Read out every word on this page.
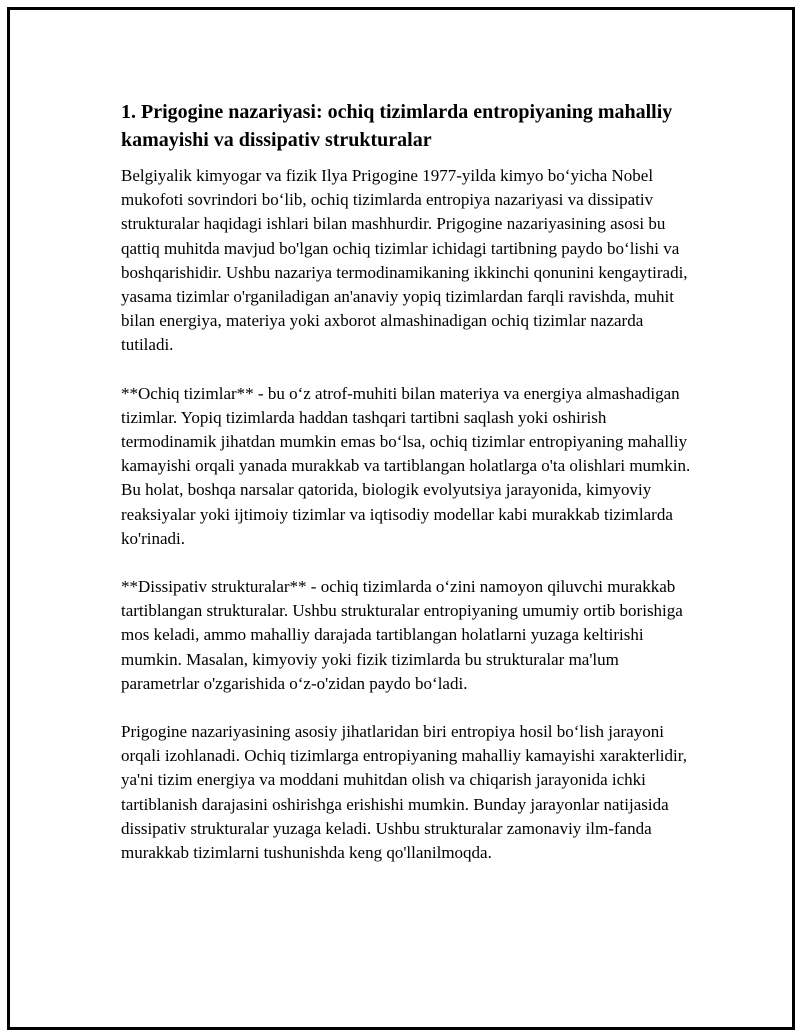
1. Prigogine nazariyasi: ochiq tizimlarda entropiyaning mahalliy kamayishi va dissipativ strukturalar

Belgiyalik kimyogar va fizik Ilya Prigogine 1977-yilda kimyo bo‘yicha Nobel mukofoti sovrindori bo‘lib, ochiq tizimlarda entropiya nazariyasi va dissipativ strukturalar haqidagi ishlari bilan mashhurdir. Prigogine nazariyasining asosi bu qattiq muhitda mavjud bo'lgan ochiq tizimlar ichidagi tartibning paydo bo‘lishi va boshqarishidir. Ushbu nazariya termodinamikaning ikkinchi qonunini kengaytiradi, yasama tizimlar o'rganiladigan an'anaviy yopiq tizimlardan farqli ravishda, muhit bilan energiya, materiya yoki axborot almashinadigan ochiq tizimlar nazarda tutiladi.

**Ochiq tizimlar** - bu o‘z atrof-muhiti bilan materiya va energiya almashadigan tizimlar. Yopiq tizimlarda haddan tashqari tartibni saqlash yoki oshirish termodinamik jihatdan mumkin emas bo‘lsa, ochiq tizimlar entropiyaning mahalliy kamayishi orqali yanada murakkab va tartiblangan holatlarga o'ta olishlari mumkin. Bu holat, boshqa narsalar qatorida, biologik evolyutsiya jarayonida, kimyoviy reaksiyalar yoki ijtimoiy tizimlar va iqtisodiy modellar kabi murakkab tizimlarda ko'rinadi.

**Dissipativ strukturalar** - ochiq tizimlarda o‘zini namoyon qiluvchi murakkab tartiblangan strukturalar. Ushbu strukturalar entropiyaning umumiy ortib borishiga mos keladi, ammo mahalliy darajada tartiblangan holatlarni yuzaga keltirishi mumkin. Masalan, kimyoviy yoki fizik tizimlarda bu strukturalar ma'lum parametrlar o'zgarishida o‘z-o'zidan paydo bo‘ladi.

Prigogine nazariyasining asosiy jihatlaridan biri entropiya hosil bo‘lish jarayoni orqali izohlanadi. Ochiq tizimlarga entropiyaning mahalliy kamayishi xarakterlidir, ya'ni tizim energiya va moddani muhitdan olish va chiqarish jarayonida ichki tartiblanish darajasini oshirishga erishishi mumkin. Bunday jarayonlar natijasida dissipativ strukturalar yuzaga keladi. Ushbu strukturalar zamonaviy ilm-fanda murakkab tizimlarni tushunishda keng qo'llanilmoqda.
